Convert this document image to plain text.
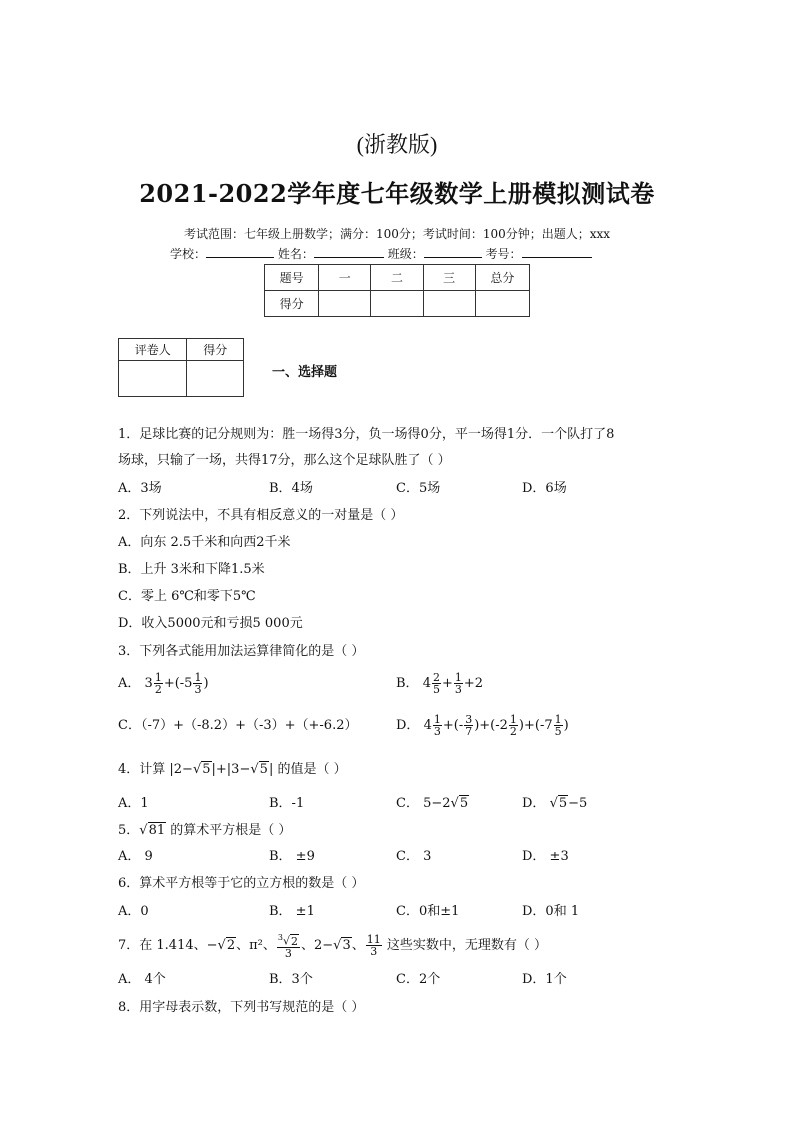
(浙教版)
2021-2022学年度七年级数学上册模拟测试卷
考试范围：七年级上册数学；满分：100分；考试时间：100分钟；出题人；xxx
学校：	姓名：	班级：	考号：
题号	一	二	三	总分
得分				
评卷人	得分

一、选择题
1．足球比赛的记分规则为：胜一场得3分，负一场得0分，平一场得1分．一个队打了8
场球，只输了一场，共得17分，那么这个足球队胜了（ ）
A．3场	B．4场	C．5场	D．6场
2．下列说法中，不具有相反意义的一对量是（ ）
A．向东 2.5千米和向西2千米
B．上升 3米和下降1.5米
C．零上 6℃和零下5℃
D．收入5000元和亏损5 000元
3．下列各式能用加法运算律简化的是（ ）
A． $3 \frac{1}{2} +(-5 \frac{1}{3}$ )	B． $4 \frac{2}{5} + \frac{1}{3} +2$
C．（-7）+（-8.2）+（-3）+（+-6.2）	D． $4 \frac{1}{3}$ +(- $\frac{3}{7} )+(-2 \frac{1}{2} )+(-7 \frac{1}{5}$ )
4．计算 |2−√5|+|3−√5| 的值是（ ）
A．1	B．-1	C． 5−2√5	D． √5−5
5．√81 的算术平方根是（ ）
A． 9	B． ±9	C． 3	D． ±3
6．算术平方根等于它的立方根的数是（ ）
A．0	B． ±1	C．0和±1	D．0和 1
7．在 1.414、−√2、π²、 $\frac{^3√2}{3}$ 、2−√3、 $\frac{11}{3}$ 这些实数中，无理数有（ ）
A． 4个	B．3个	C．2个	D．1个
8．用字母表示数，下列书写规范的是（ ）
